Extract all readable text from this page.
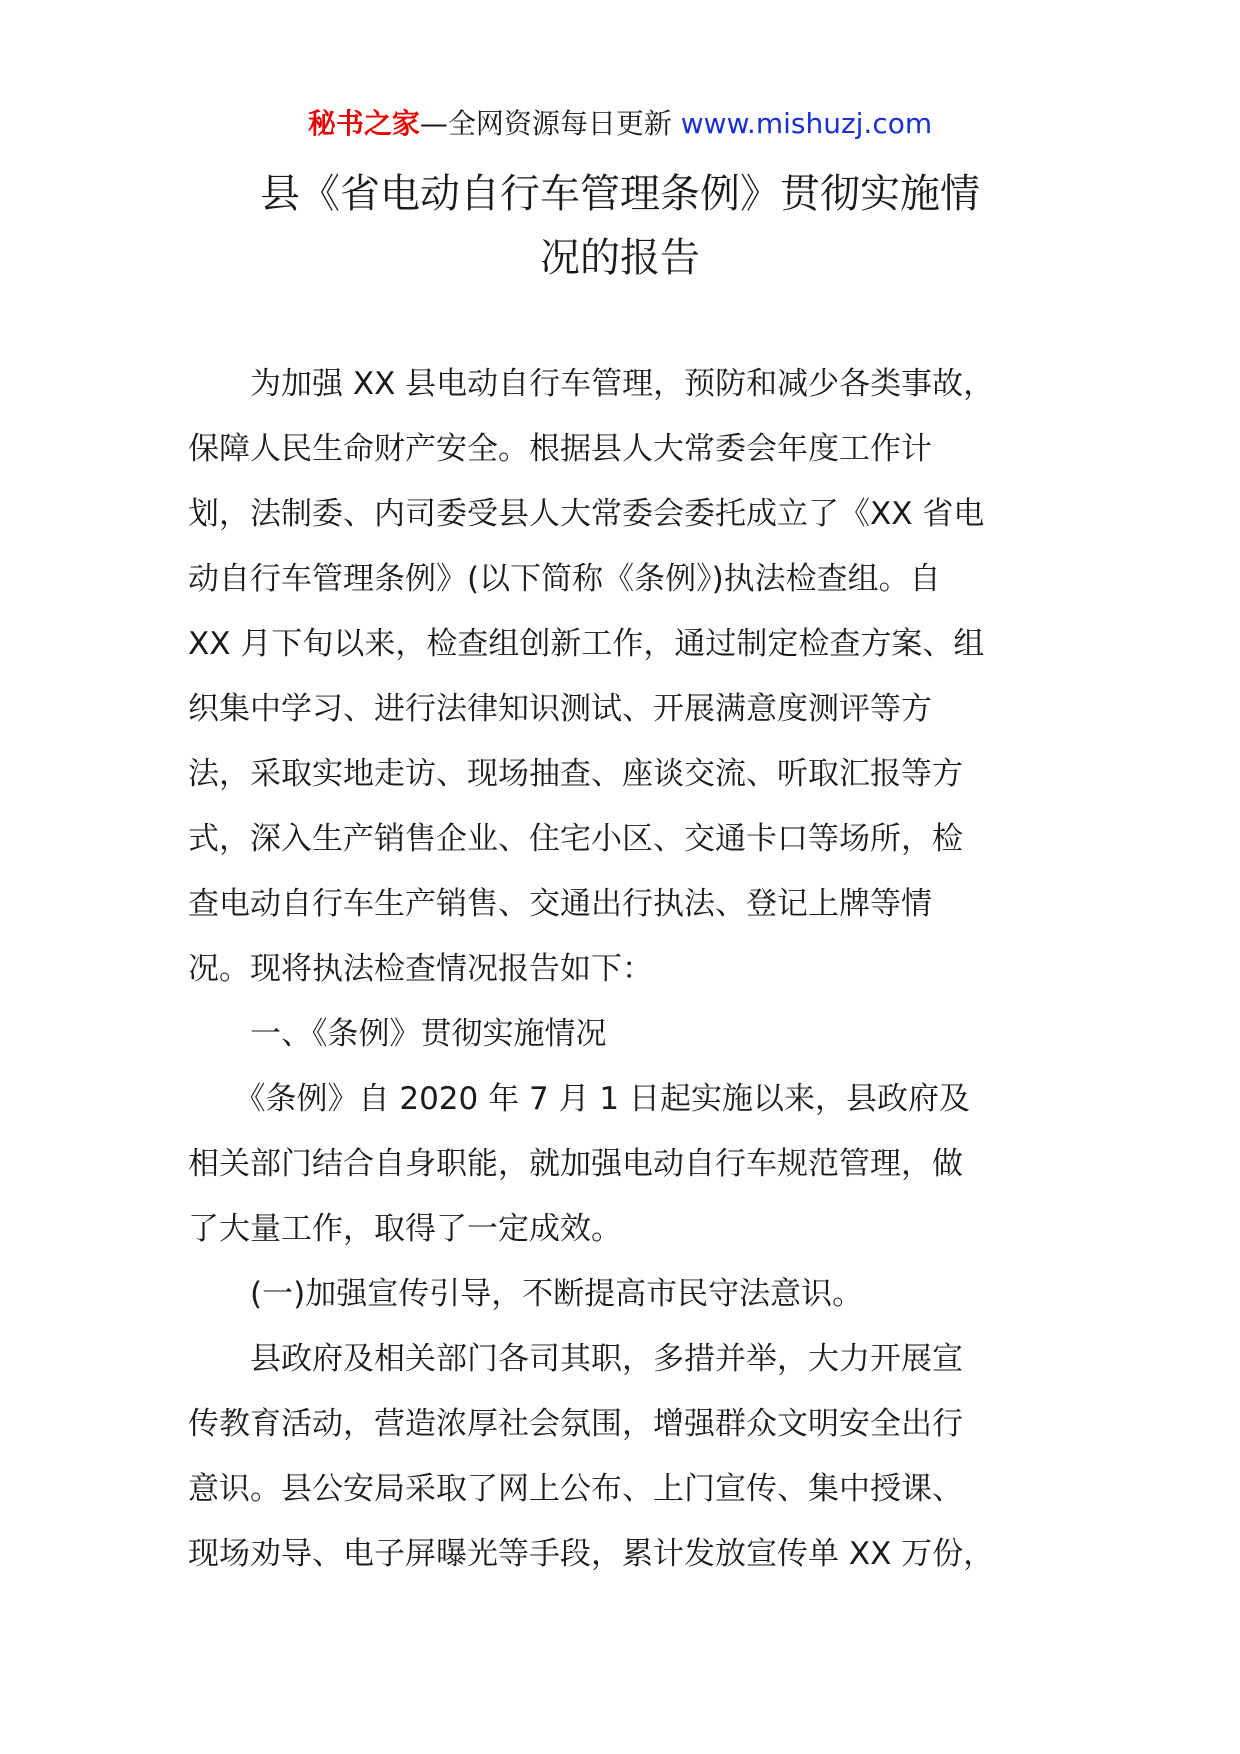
秘书之家—全网资源每日更新 www.mishuzj.com
县《省电动自行车管理条例》贯彻实施情
况的报告
　　为加强 XX 县电动自行车管理，预防和减少各类事故，
保障人民生命财产安全。根据县人大常委会年度工作计
划，法制委、内司委受县人大常委会委托成立了《XX 省电
动自行车管理条例》(以下简称《条例》)执法检查组。自
XX 月下旬以来，检查组创新工作，通过制定检查方案、组
织集中学习、进行法律知识测试、开展满意度测评等方
法，采取实地走访、现场抽查、座谈交流、听取汇报等方
式，深入生产销售企业、住宅小区、交通卡口等场所，检
查电动自行车生产销售、交通出行执法、登记上牌等情
况。现将执法检查情况报告如下：
　　一、《条例》贯彻实施情况
　　《条例》自 2020 年 7 月 1 日起实施以来，县政府及
相关部门结合自身职能，就加强电动自行车规范管理，做
了大量工作，取得了一定成效。
　　(一)加强宣传引导，不断提高市民守法意识。
　　县政府及相关部门各司其职，多措并举，大力开展宣
传教育活动，营造浓厚社会氛围，增强群众文明安全出行
意识。县公安局采取了网上公布、上门宣传、集中授课、
现场劝导、电子屏曝光等手段，累计发放宣传单 XX 万份，
